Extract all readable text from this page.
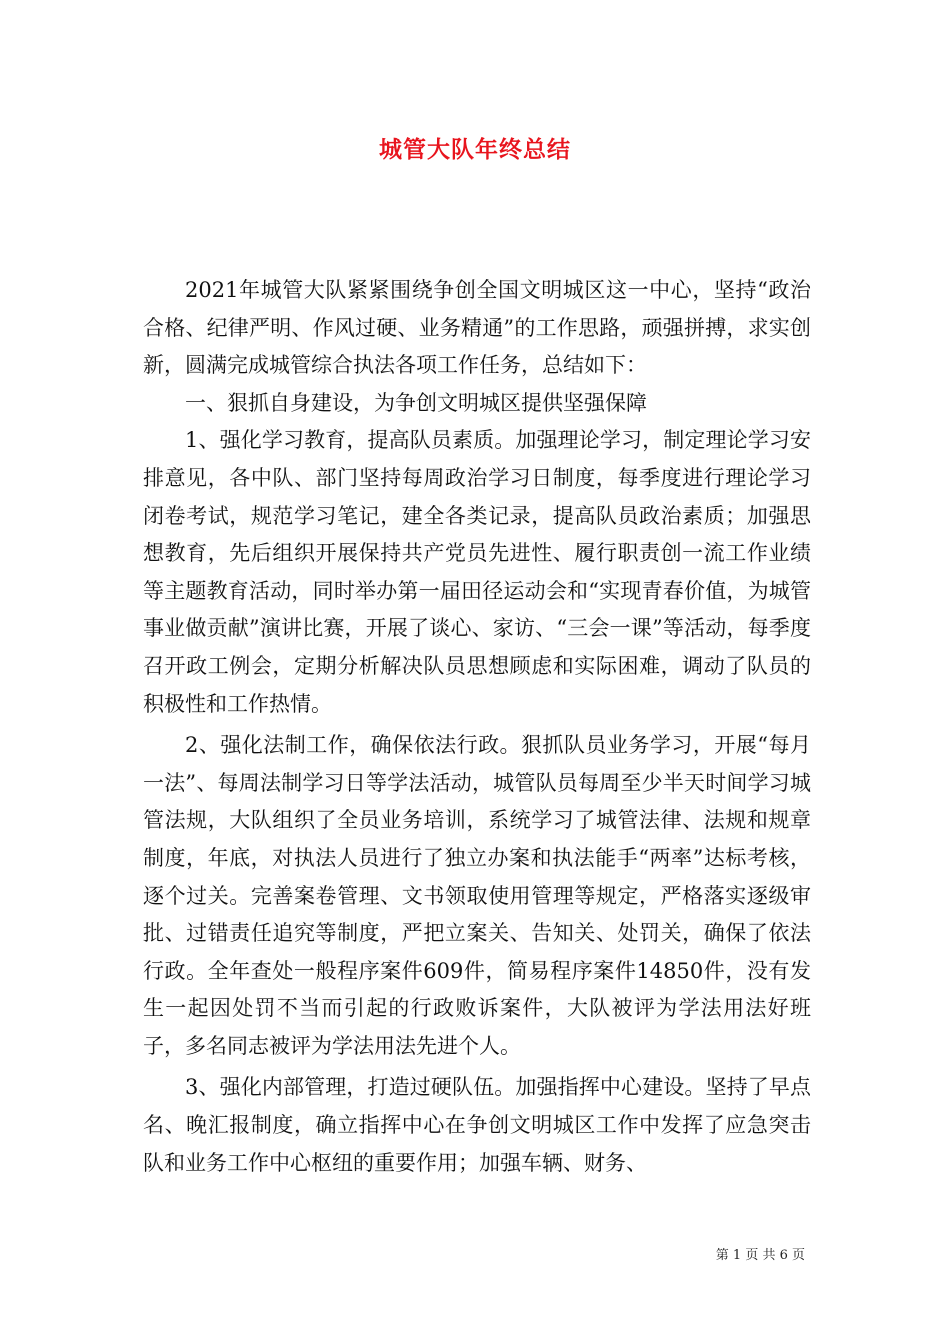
城管大队年终总结

2021年城管大队紧紧围绕争创全国文明城区这一中心，坚持“政治合格、纪律严明、作风过硬、业务精通”的工作思路，顽强拼搏，求实创新，圆满完成城管综合执法各项工作任务，总结如下：

一、狠抓自身建设，为争创文明城区提供坚强保障

1、强化学习教育，提高队员素质。加强理论学习，制定理论学习安排意见，各中队、部门坚持每周政治学习日制度，每季度进行理论学习闭卷考试，规范学习笔记，建全各类记录，提高队员政治素质；加强思想教育，先后组织开展保持共产党员先进性、履行职责创一流工作业绩等主题教育活动，同时举办第一届田径运动会和“实现青春价值，为城管事业做贡献”演讲比赛，开展了谈心、家访、“三会一课”等活动，每季度召开政工例会，定期分析解决队员思想顾虑和实际困难，调动了队员的积极性和工作热情。

2、强化法制工作，确保依法行政。狠抓队员业务学习，开展“每月一法”、每周法制学习日等学法活动，城管队员每周至少半天时间学习城管法规，大队组织了全员业务培训，系统学习了城管法律、法规和规章制度，年底，对执法人员进行了独立办案和执法能手“两率”达标考核，逐个过关。完善案卷管理、文书领取使用管理等规定，严格落实逐级审批、过错责任追究等制度，严把立案关、告知关、处罚关，确保了依法行政。全年查处一般程序案件609件，简易程序案件14850件，没有发生一起因处罚不当而引起的行政败诉案件，大队被评为学法用法好班子，多名同志被评为学法用法先进个人。

3、强化内部管理，打造过硬队伍。加强指挥中心建设。坚持了早点名、晚汇报制度，确立指挥中心在争创文明城区工作中发挥了应急突击队和业务工作中心枢纽的重要作用；加强车辆、财务、

第 1 页 共 6 页
